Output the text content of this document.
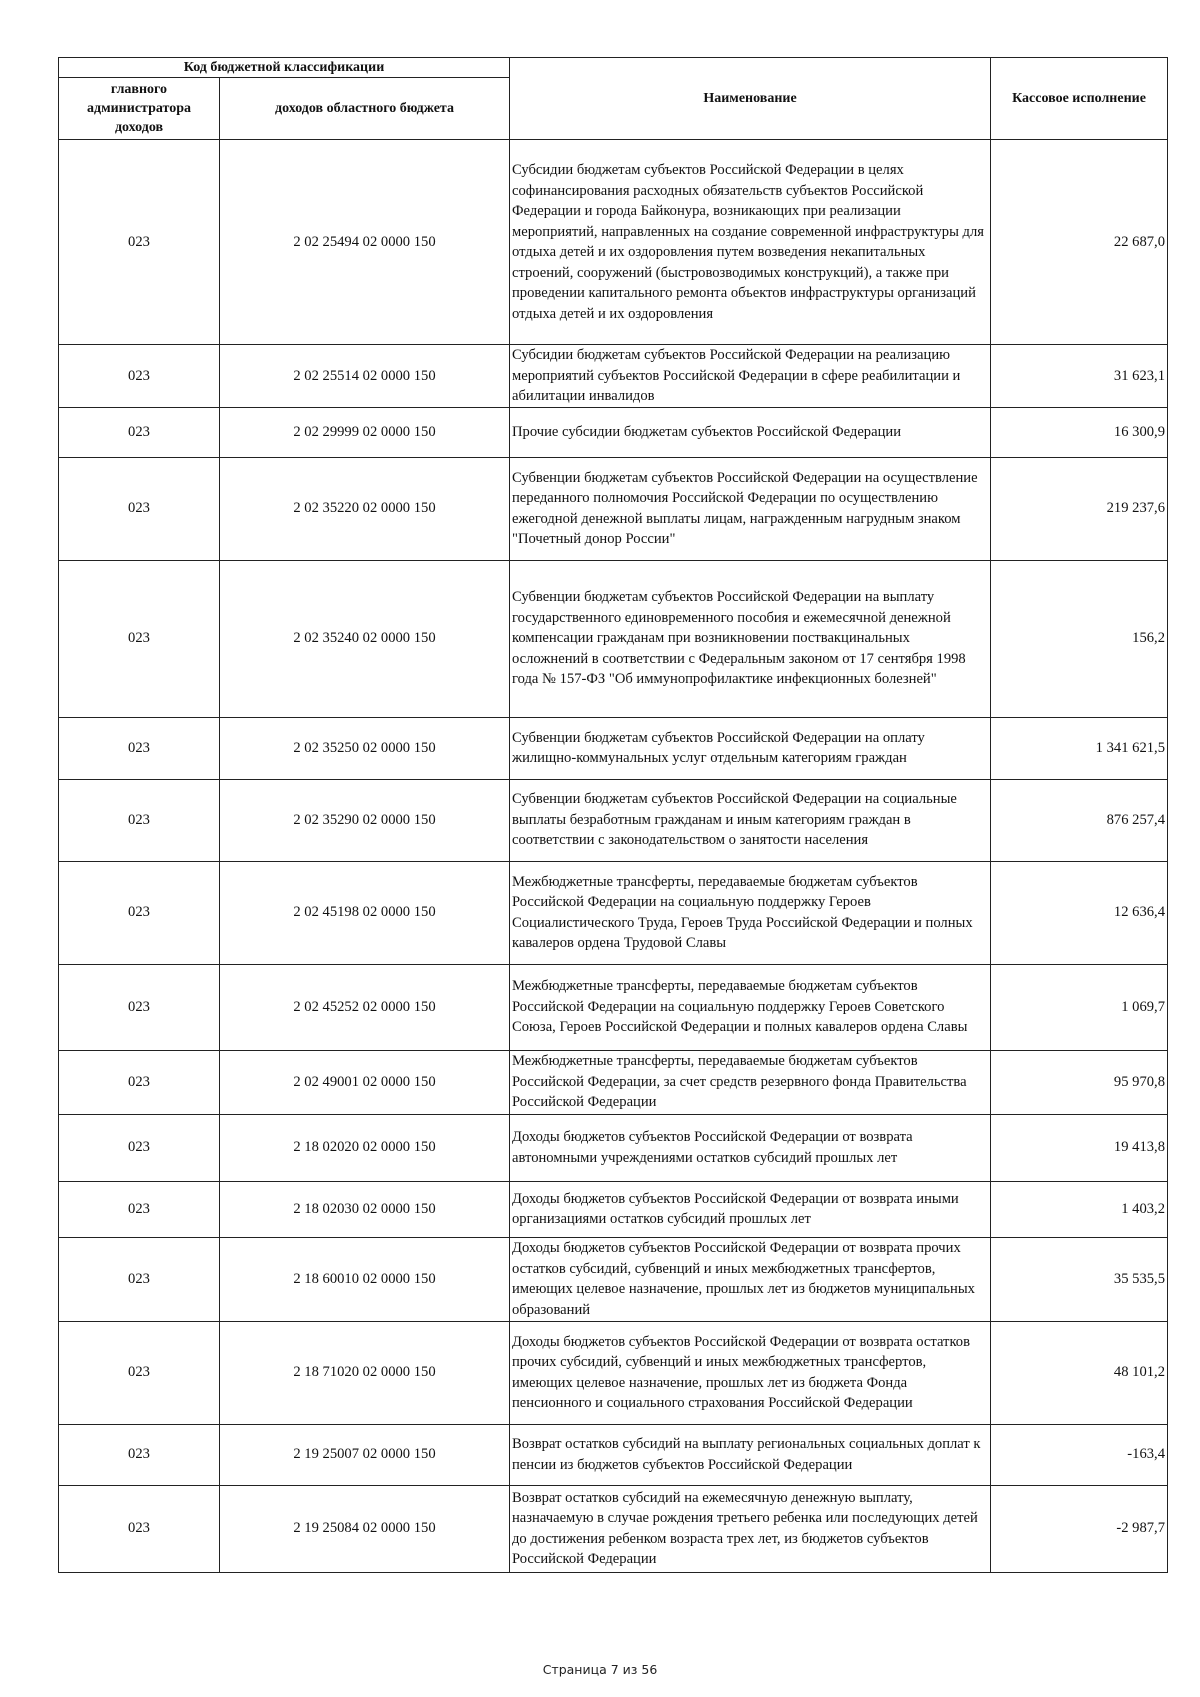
Код бюджетной классификации		Наименование	Кассовое исполнение
главного администратора доходов	доходов областного бюджета		
023	2 02 25494 02 0000 150	Субсидии бюджетам субъектов Российской Федерации в целях софинансирования расходных обязательств субъектов Российской Федерации и города Байконура, возникающих при реализации мероприятий, направленных на создание современной инфраструктуры для отдыха детей и их оздоровления путем возведения некапитальных строений, сооружений (быстровозводимых конструкций), а также при проведении капитального ремонта объектов инфраструктуры организаций отдыха детей и их оздоровления	22 687,0
023	2 02 25514 02 0000 150	Субсидии бюджетам субъектов Российской Федерации на реализацию мероприятий субъектов Российской Федерации в сфере реабилитации и абилитации инвалидов	31 623,1
023	2 02 29999 02 0000 150	Прочие субсидии бюджетам субъектов Российской Федерации	16 300,9
023	2 02 35220 02 0000 150	Субвенции бюджетам субъектов Российской Федерации на осуществление переданного полномочия Российской Федерации по осуществлению ежегодной денежной выплаты лицам, награжденным нагрудным знаком "Почетный донор России"	219 237,6
023	2 02 35240 02 0000 150	Субвенции бюджетам субъектов Российской Федерации на выплату государственного единовременного пособия и ежемесячной денежной компенсации гражданам при возникновении поствакцинальных осложнений в соответствии с Федеральным законом от 17 сентября 1998 года № 157-ФЗ "Об иммунопрофилактике инфекционных болезней"	156,2
023	2 02 35250 02 0000 150	Субвенции бюджетам субъектов Российской Федерации на оплату жилищно-коммунальных услуг отдельным категориям граждан	1 341 621,5
023	2 02 35290 02 0000 150	Субвенции бюджетам субъектов Российской Федерации на социальные выплаты безработным гражданам и иным категориям граждан в соответствии с законодательством о занятости населения	876 257,4
023	2 02 45198 02 0000 150	Межбюджетные трансферты, передаваемые бюджетам субъектов Российской Федерации на социальную поддержку Героев Социалистического Труда, Героев Труда Российской Федерации и полных кавалеров ордена Трудовой Славы	12 636,4
023	2 02 45252 02 0000 150	Межбюджетные трансферты, передаваемые бюджетам субъектов Российской Федерации на социальную поддержку Героев Советского Союза, Героев Российской Федерации и полных кавалеров ордена Славы	1 069,7
023	2 02 49001 02 0000 150	Межбюджетные трансферты, передаваемые бюджетам субъектов Российской Федерации, за счет средств резервного фонда Правительства Российской Федерации	95 970,8
023	2 18 02020 02 0000 150	Доходы бюджетов субъектов Российской Федерации от возврата автономными учреждениями остатков субсидий прошлых лет	19 413,8
023	2 18 02030 02 0000 150	Доходы бюджетов субъектов Российской Федерации от возврата иными организациями остатков субсидий прошлых лет	1 403,2
023	2 18 60010 02 0000 150	Доходы бюджетов субъектов Российской Федерации от возврата прочих остатков субсидий, субвенций и иных межбюджетных трансфертов, имеющих целевое назначение, прошлых лет из бюджетов муниципальных образований	35 535,5
023	2 18 71020 02 0000 150	Доходы бюджетов субъектов Российской Федерации от возврата остатков прочих субсидий, субвенций и иных межбюджетных трансфертов, имеющих целевое назначение, прошлых лет из бюджета Фонда пенсионного и социального страхования Российской Федерации	48 101,2
023	2 19 25007 02 0000 150	Возврат остатков субсидий на выплату региональных социальных доплат к пенсии из бюджетов субъектов Российской Федерации	-163,4
023	2 19 25084 02 0000 150	Возврат остатков субсидий на ежемесячную денежную выплату, назначаемую в случае рождения третьего ребенка или последующих детей до достижения ребенком возраста трех лет, из бюджетов субъектов Российской Федерации	-2 987,7
Страница 7 из 56
